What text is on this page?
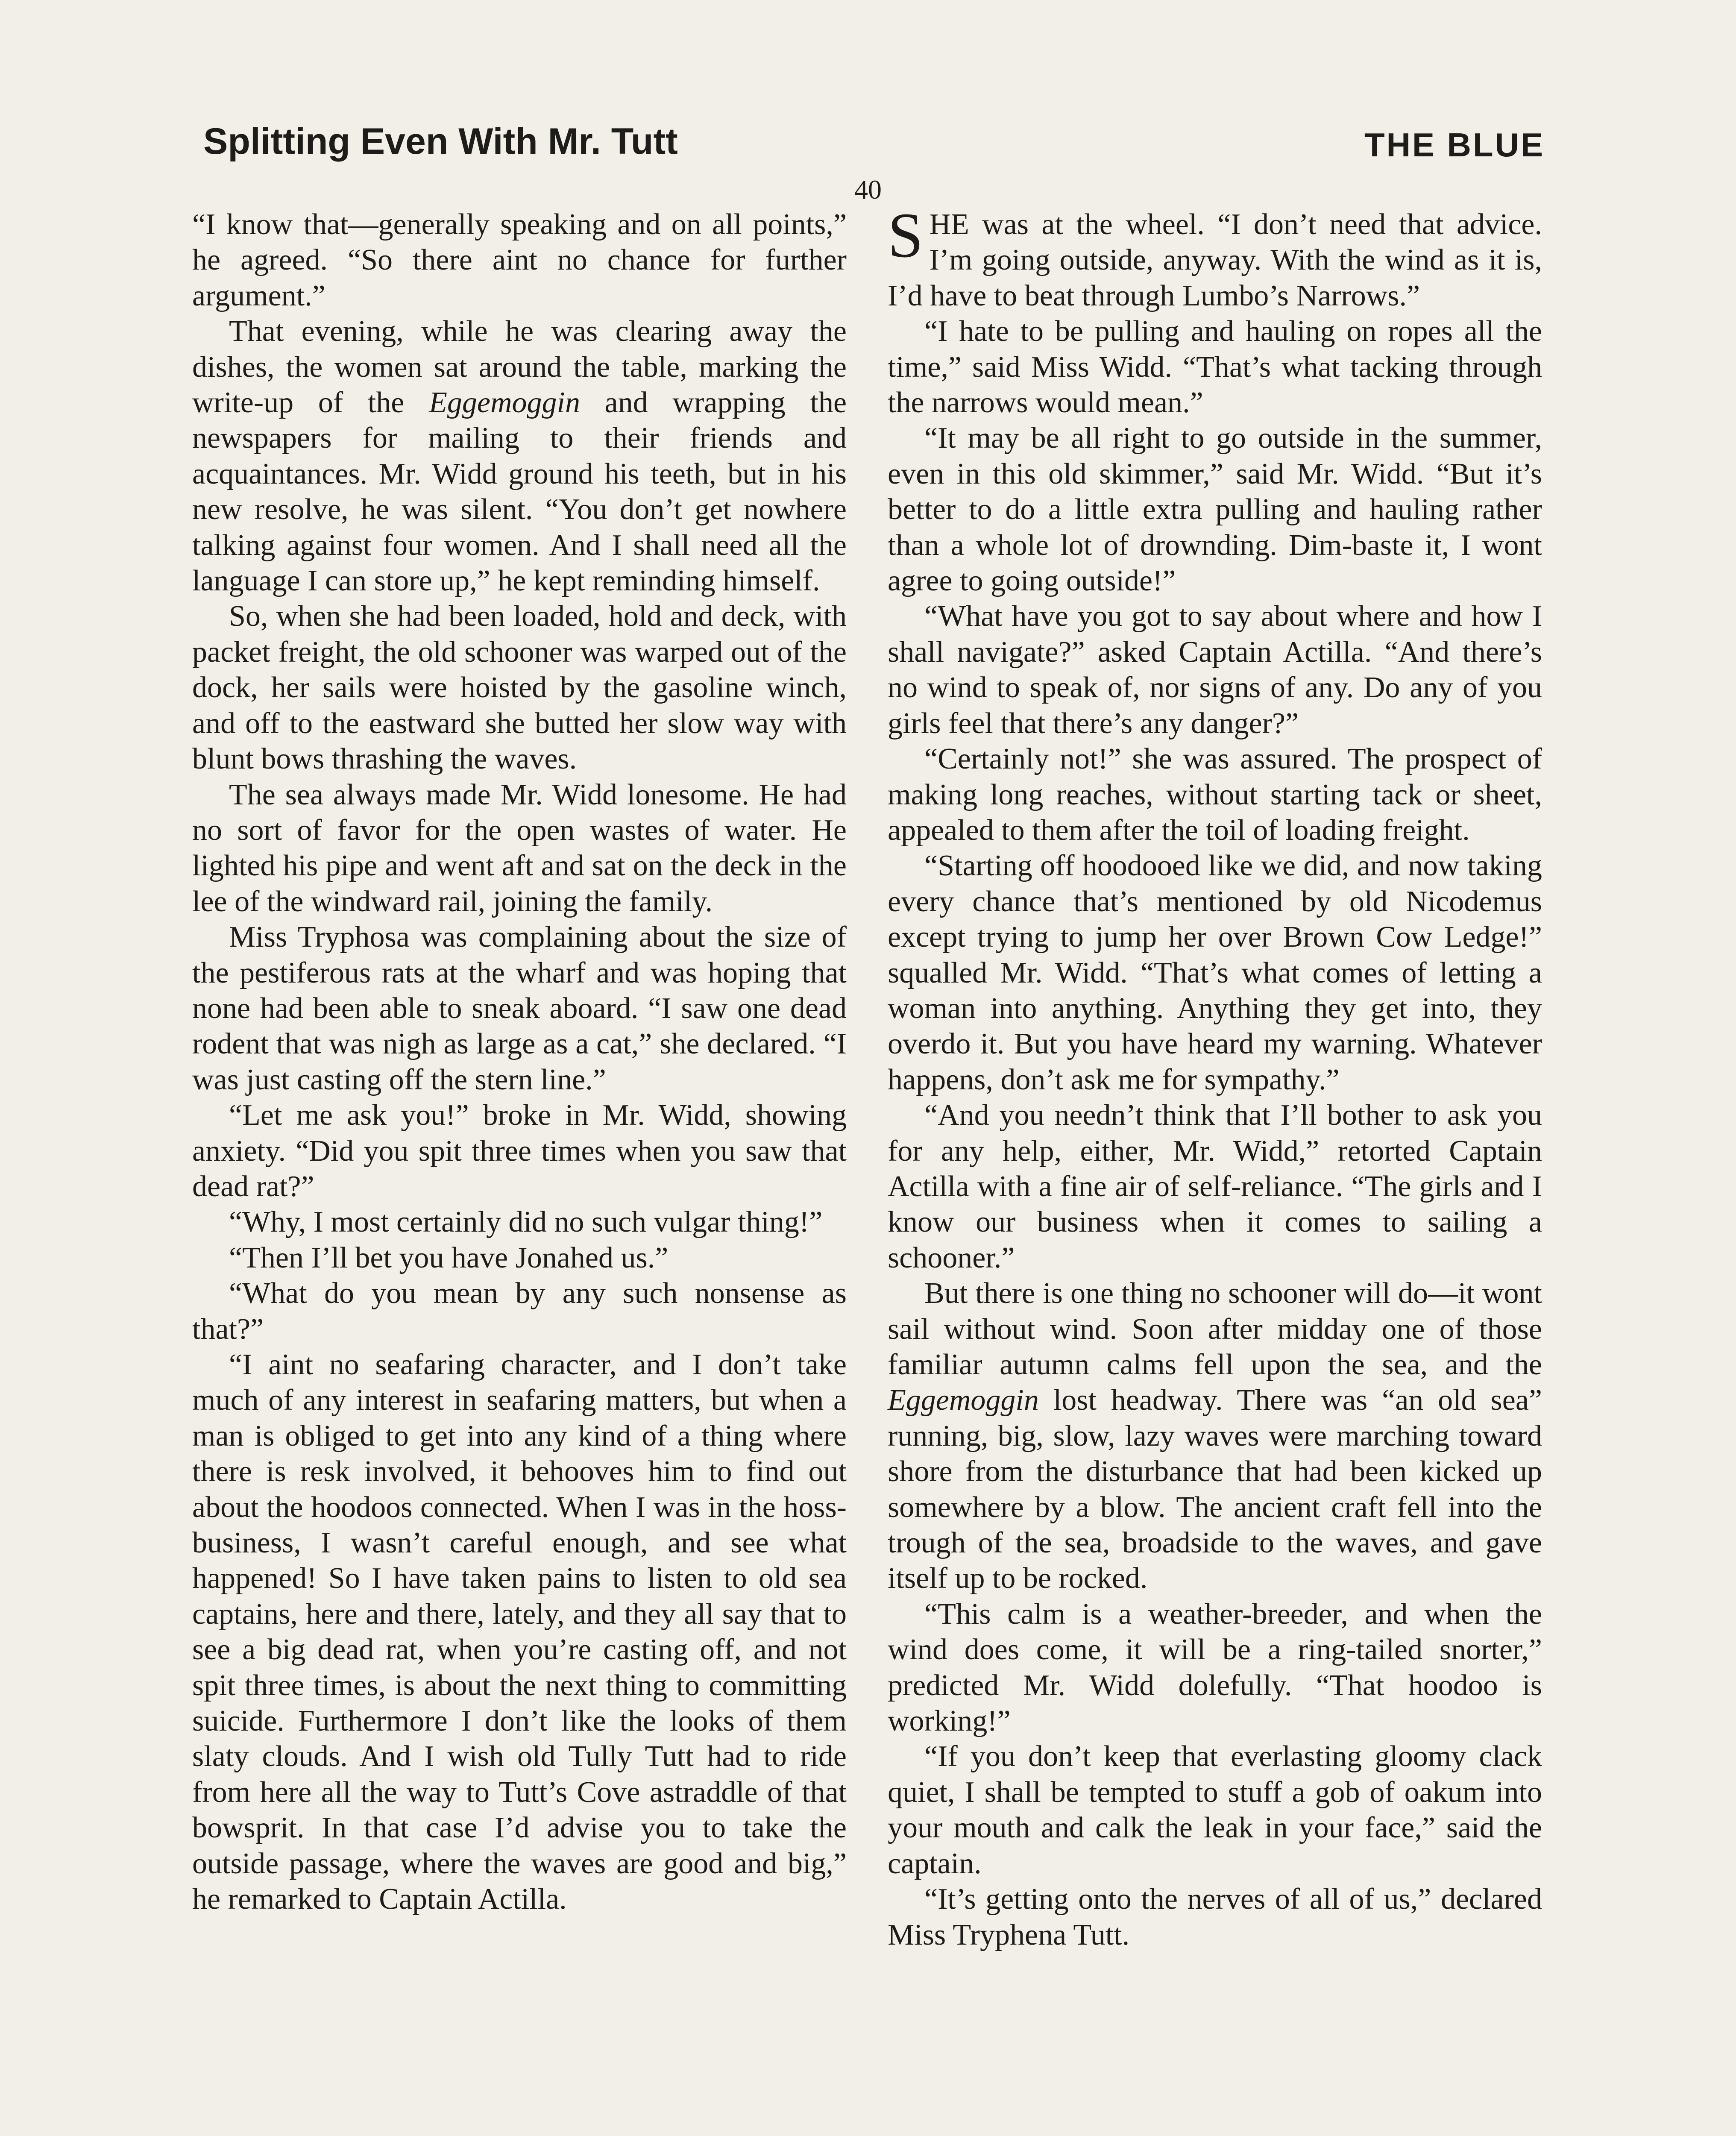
Splitting Even With Mr. Tutt	THE BLUE
40

“I know that—generally speaking and on all points,” he agreed. “So there aint no chance for further argument.”

That evening, while he was clearing away the dishes, the women sat around the table, marking the write-up of the Eggemoggin and wrapping the newspapers for mailing to their friends and acquaintances. Mr. Widd ground his teeth, but in his new resolve, he was silent. “You don’t get nowhere talking against four women. And I shall need all the language I can store up,” he kept reminding himself.

So, when she had been loaded, hold and deck, with packet freight, the old schooner was warped out of the dock, her sails were hoisted by the gasoline winch, and off to the eastward she butted her slow way with blunt bows thrashing the waves.

The sea always made Mr. Widd lonesome. He had no sort of favor for the open wastes of water. He lighted his pipe and went aft and sat on the deck in the lee of the windward rail, joining the family.

Miss Tryphosa was complaining about the size of the pestiferous rats at the wharf and was hoping that none had been able to sneak aboard. “I saw one dead rodent that was nigh as large as a cat,” she declared. “I was just casting off the stern line.”

“Let me ask you!” broke in Mr. Widd, showing anxiety. “Did you spit three times when you saw that dead rat?”

“Why, I most certainly did no such vulgar thing!”

“Then I’ll bet you have Jonahed us.”

“What do you mean by any such nonsense as that?”

“I aint no seafaring character, and I don’t take much of any interest in seafaring matters, but when a man is obliged to get into any kind of a thing where there is resk involved, it behooves him to find out about the hoodoos connected. When I was in the hoss-business, I wasn’t careful enough, and see what happened! So I have taken pains to listen to old sea captains, here and there, lately, and they all say that to see a big dead rat, when you’re casting off, and not spit three times, is about the next thing to committing suicide. Furthermore I don’t like the looks of them slaty clouds. And I wish old Tully Tutt had to ride from here all the way to Tutt’s Cove astraddle of that bowsprit. In that case I’d advise you to take the outside passage, where the waves are good and big,” he remarked to Captain Actilla.

SHE was at the wheel. “I don’t need that advice. I’m going outside, anyway. With the wind as it is, I’d have to beat through Lumbo’s Narrows.”

“I hate to be pulling and hauling on ropes all the time,” said Miss Widd. “That’s what tacking through the narrows would mean.”

“It may be all right to go outside in the summer, even in this old skimmer,” said Mr. Widd. “But it’s better to do a little extra pulling and hauling rather than a whole lot of drownding. Dim-baste it, I wont agree to going outside!”

“What have you got to say about where and how I shall navigate?” asked Captain Actilla. “And there’s no wind to speak of, nor signs of any. Do any of you girls feel that there’s any danger?”

“Certainly not!” she was assured. The prospect of making long reaches, without starting tack or sheet, appealed to them after the toil of loading freight.

“Starting off hoodooed like we did, and now taking every chance that’s mentioned by old Nicodemus except trying to jump her over Brown Cow Ledge!” squalled Mr. Widd. “That’s what comes of letting a woman into anything. Anything they get into, they overdo it. But you have heard my warning. Whatever happens, don’t ask me for sympathy.”

“And you needn’t think that I’ll bother to ask you for any help, either, Mr. Widd,” retorted Captain Actilla with a fine air of self-reliance. “The girls and I know our business when it comes to sailing a schooner.”

But there is one thing no schooner will do—it wont sail without wind. Soon after midday one of those familiar autumn calms fell upon the sea, and the Eggemoggin lost headway. There was “an old sea” running, big, slow, lazy waves were marching toward shore from the disturbance that had been kicked up somewhere by a blow. The ancient craft fell into the trough of the sea, broadside to the waves, and gave itself up to be rocked.

“This calm is a weather-breeder, and when the wind does come, it will be a ring-tailed snorter,” predicted Mr. Widd dolefully. “That hoodoo is working!”

“If you don’t keep that everlasting gloomy clack quiet, I shall be tempted to stuff a gob of oakum into your mouth and calk the leak in your face,” said the captain.

“It’s getting onto the nerves of all of us,” declared Miss Tryphena Tutt.
